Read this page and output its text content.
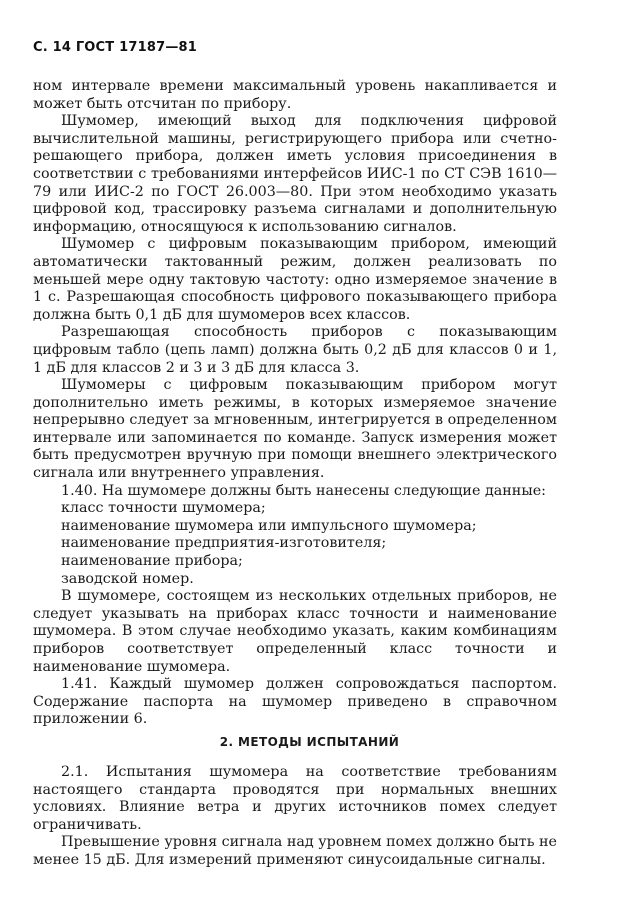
С. 14 ГОСТ 17187—81

ном интервале времени максимальный уровень накапливается и может быть отсчитан по прибору.

Шумомер, имеющий выход для подключения цифровой вычислительной машины, регистрирующего прибора или счетно-решающего прибора, должен иметь условия присоединения в соответствии с требованиями интерфейсов ИИС-1 по СТ СЭВ 1610—79 или ИИС-2 по ГОСТ 26.003—80. При этом необходимо указать цифровой код, трассировку разъема сигналами и дополнительную информацию, относящуюся к использованию сигналов.

Шумомер с цифровым показывающим прибором, имеющий автоматически тактованный режим, должен реализовать по меньшей мере одну тактовую частоту: одно измеряемое значение в 1 с. Разрешающая способность цифрового показывающего прибора должна быть 0,1 дБ для шумомеров всех классов.

Разрешающая способность приборов с показывающим цифровым табло (цепь ламп) должна быть 0,2 дБ для классов 0 и 1, 1 дБ для классов 2 и 3 и 3 дБ для класса 3.

Шумомеры с цифровым показывающим прибором могут дополнительно иметь режимы, в которых измеряемое значение непрерывно следует за мгновенным, интегрируется в определенном интервале или запоминается по команде. Запуск измерения может быть предусмотрен вручную при помощи внешнего электрического сигнала или внутреннего управления.

1.40. На шумомере должны быть нанесены следующие данные:

класс точности шумомера;
наименование шумомера или импульсного шумомера;
наименование предприятия-изготовителя;
наименование прибора;
заводской номер.

В шумомере, состоящем из нескольких отдельных приборов, не следует указывать на приборах класс точности и наименование шумомера. В этом случае необходимо указать, каким комбинациям приборов соответствует определенный класс точности и наименование шумомера.

1.41. Каждый шумомер должен сопровождаться паспортом. Содержание паспорта на шумомер приведено в справочном приложении 6.

2. МЕТОДЫ ИСПЫТАНИЙ

2.1. Испытания шумомера на соответствие требованиям настоящего стандарта проводятся при нормальных внешних условиях. Влияние ветра и других источников помех следует ограничивать.

Превышение уровня сигнала над уровнем помех должно быть не менее 15 дБ. Для измерений применяют синусоидальные сигналы.
